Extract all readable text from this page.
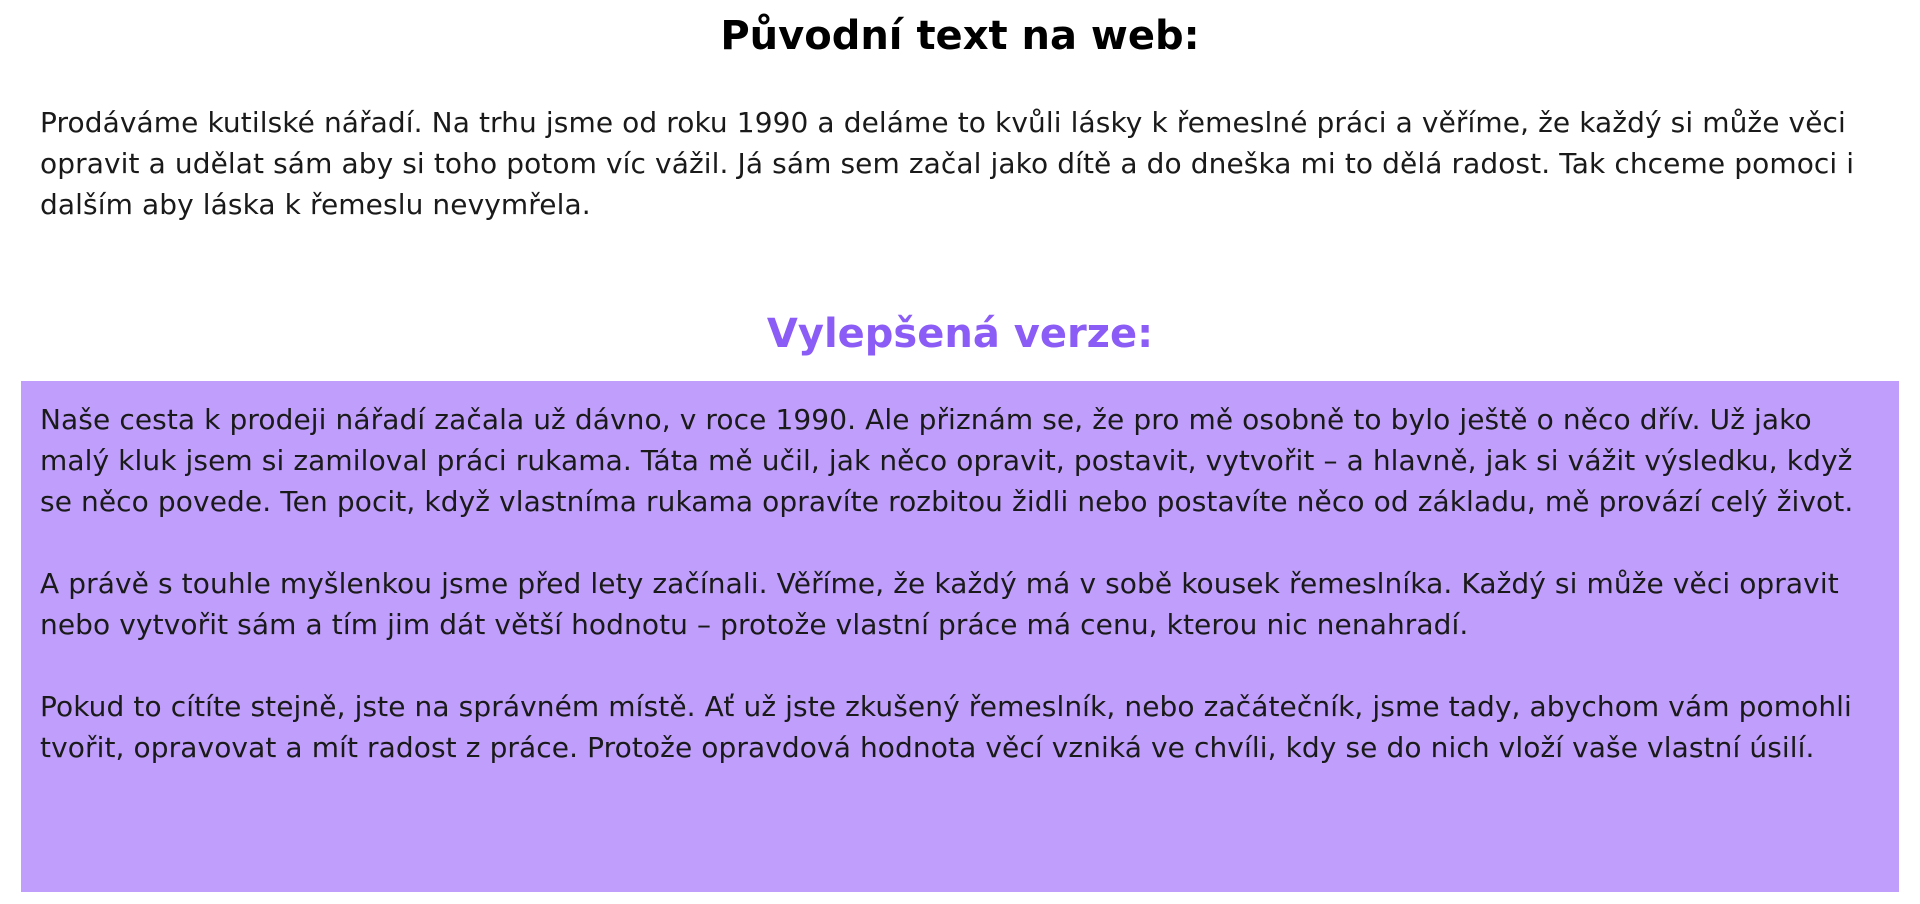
Původní text na web:

Prodáváme kutilské nářadí. Na trhu jsme od roku 1990 a deláme to kvůli lásky k řemeslné práci a věříme, že každý si může věci opravit a udělat sám aby si toho potom víc vážil. Já sám sem začal jako dítě a do dneška mi to dělá radost. Tak chceme pomoci i dalším aby láska k řemeslu nevymřela.

Vylepšená verze:

Naše cesta k prodeji nářadí začala už dávno, v roce 1990. Ale přiznám se, že pro mě osobně to bylo ještě o něco dřív. Už jako malý kluk jsem si zamiloval práci rukama. Táta mě učil, jak něco opravit, postavit, vytvořit – a hlavně, jak si vážit výsledku, když se něco povede. Ten pocit, když vlastníma rukama opravíte rozbitou židli nebo postavíte něco od základu, mě provází celý život.

A právě s touhle myšlenkou jsme před lety začínali. Věříme, že každý má v sobě kousek řemeslníka. Každý si může věci opravit nebo vytvořit sám a tím jim dát větší hodnotu – protože vlastní práce má cenu, kterou nic nenahradí.

Pokud to cítíte stejně, jste na správném místě. Ať už jste zkušený řemeslník, nebo začátečník, jsme tady, abychom vám pomohli tvořit, opravovat a mít radost z práce. Protože opravdová hodnota věcí vzniká ve chvíli, kdy se do nich vloží vaše vlastní úsilí.
